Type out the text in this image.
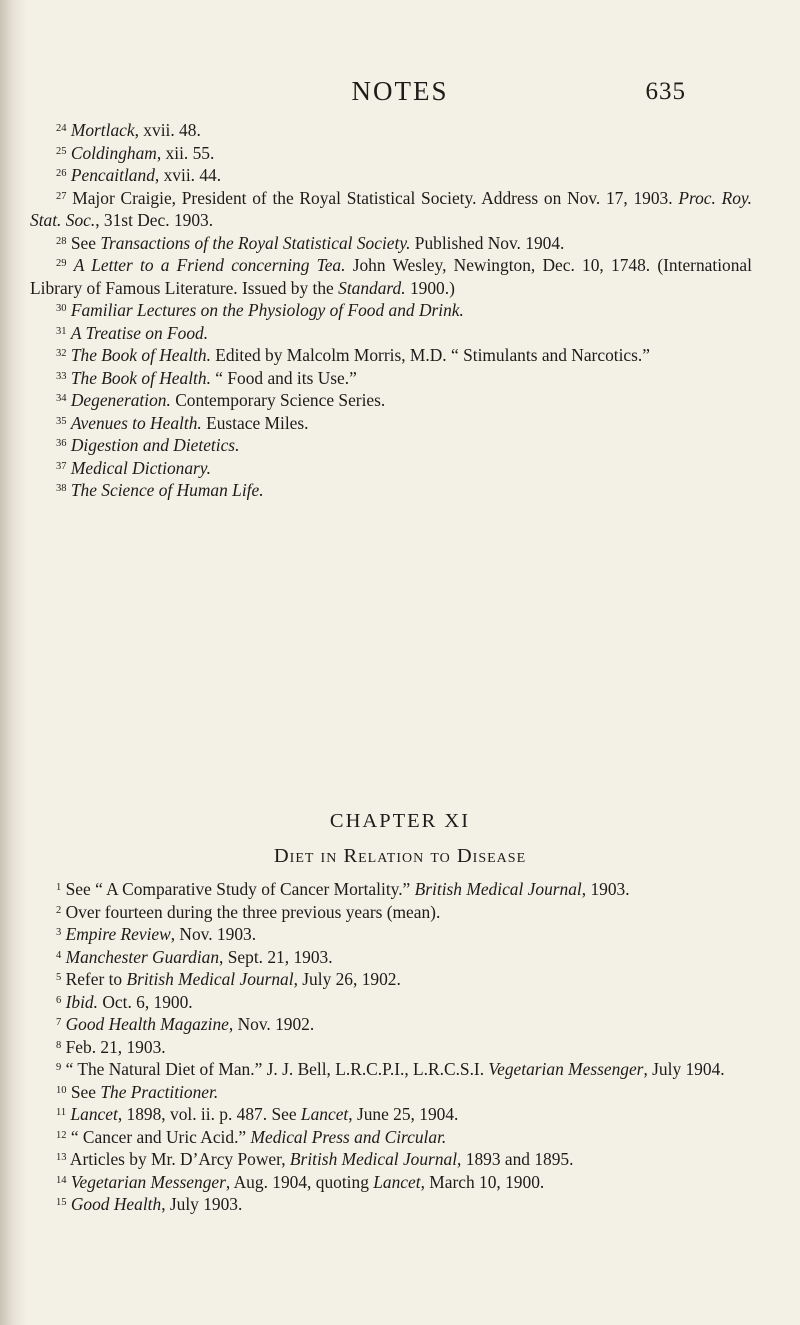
NOTES	635
$^{24}$ Mortlack, xvii. 48.
$^{25}$ Coldingham, xii. 55.
$^{26}$ Pencaitland, xvii. 44.
$^{27}$ Major Craigie, President of the Royal Statistical Society. Address on Nov. 17, 1903. Proc. Roy. Stat. Soc., 31st Dec. 1903.
$^{28}$ See Transactions of the Royal Statistical Society. Published Nov. 1904.
$^{29}$ A Letter to a Friend concerning Tea. John Wesley, Newington, Dec. 10, 1748. (International Library of Famous Literature. Issued by the Standard. 1900.)
$^{30}$ Familiar Lectures on the Physiology of Food and Drink.
$^{31}$ A Treatise on Food.
$^{32}$ The Book of Health. Edited by Malcolm Morris, M.D. “ Stimulants and Narcotics.”
$^{33}$ The Book of Health. “ Food and its Use.”
$^{34}$ Degeneration. Contemporary Science Series.
$^{35}$ Avenues to Health. Eustace Miles.
$^{36}$ Digestion and Dietetics.
$^{37}$ Medical Dictionary.
$^{38}$ The Science of Human Life.
CHAPTER XI
Diet in Relation to Disease
$^1$ See “ A Comparative Study of Cancer Mortality.” British Medical Journal, 1903.
$^2$ Over fourteen during the three previous years (mean).
$^3$ Empire Review, Nov. 1903.
$^4$ Manchester Guardian, Sept. 21, 1903.
$^5$ Refer to British Medical Journal, July 26, 1902.
$^6$ Ibid. Oct. 6, 1900.
$^7$ Good Health Magazine, Nov. 1902.
$^8$ Feb. 21, 1903.
$^9$ “ The Natural Diet of Man.” J. J. Bell, L.R.C.P.I., L.R.C.S.I. Vegetarian Messenger, July 1904.
$^{10}$ See The Practitioner.
$^{11}$ Lancet, 1898, vol. ii. p. 487. See Lancet, June 25, 1904.
$^{12}$ “ Cancer and Uric Acid.” Medical Press and Circular.
$^{13}$ Articles by Mr. D’Arcy Power, British Medical Journal, 1893 and 1895.
$^{14}$ Vegetarian Messenger, Aug. 1904, quoting Lancet, March 10, 1900.
$^{15}$ Good Health, July 1903.
